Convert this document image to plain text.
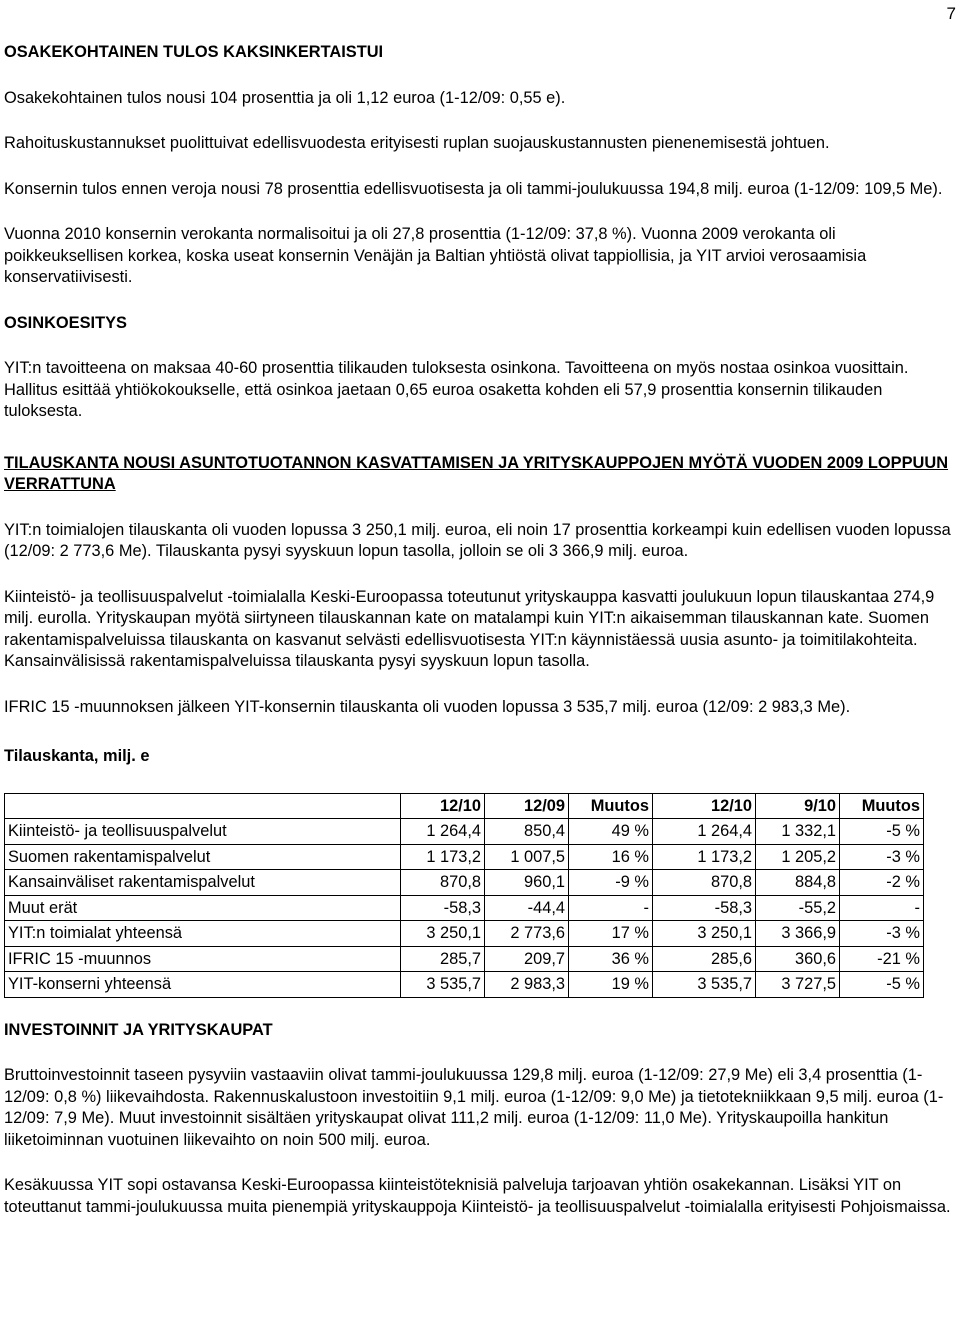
7
OSAKEKOHTAINEN TULOS KAKSINKERTAISTUI

Osakekohtainen tulos nousi 104 prosenttia ja oli 1,12 euroa (1-12/09: 0,55 e).

Rahoituskustannukset puolittuivat edellisvuodesta erityisesti ruplan suojauskustannusten pienenemisestä johtuen.

Konsernin tulos ennen veroja nousi 78 prosenttia edellisvuotisesta ja oli tammi-joulukuussa 194,8 milj. euroa (1-12/09: 109,5 Me).

Vuonna 2010 konsernin verokanta normalisoitui ja oli 27,8 prosenttia (1-12/09: 37,8 %). Vuonna 2009 verokanta oli poikkeuksellisen korkea, koska useat konsernin Venäjän ja Baltian yhtiöstä olivat tappiollisia, ja YIT arvioi verosaamisia konservatiivisesti.

OSINKOESITYS

YIT:n tavoitteena on maksaa 40-60 prosenttia tilikauden tuloksesta osinkona. Tavoitteena on myös nostaa osinkoa vuosittain. Hallitus esittää yhtiökokoukselle, että osinkoa jaetaan 0,65 euroa osaketta kohden eli 57,9 prosenttia konsernin tilikauden tuloksesta.

TILAUSKANTA NOUSI ASUNTOTUOTANNON KASVATTAMISEN JA YRITYSKAUPPOJEN MYÖTÄ VUODEN 2009 LOPPUUN VERRATTUNA

YIT:n toimialojen tilauskanta oli vuoden lopussa 3 250,1 milj. euroa, eli noin 17 prosenttia korkeampi kuin edellisen vuoden lopussa (12/09: 2 773,6 Me). Tilauskanta pysyi syyskuun lopun tasolla, jolloin se oli 3 366,9 milj. euroa.

Kiinteistö- ja teollisuuspalvelut -toimialalla Keski-Euroopassa toteutunut yrityskauppa kasvatti joulukuun lopun tilauskantaa 274,9 milj. eurolla. Yrityskaupan myötä siirtyneen tilauskannan kate on matalampi kuin YIT:n aikaisemman tilauskannan kate. Suomen rakentamispalveluissa tilauskanta on kasvanut selvästi edellisvuotisesta YIT:n käynnistäessä uusia asunto- ja toimitilakohteita. Kansainvälisissä rakentamispalveluissa tilauskanta pysyi syyskuun lopun tasolla.

IFRIC 15 -muunnoksen jälkeen YIT-konsernin tilauskanta oli vuoden lopussa 3 535,7 milj. euroa (12/09: 2 983,3 Me).

Tilauskanta, milj. e
	12/10	12/09	Muutos	12/10	9/10	Muutos
Kiinteistö- ja teollisuuspalvelut	1 264,4	850,4	49 %	1 264,4	1 332,1	-5 %
Suomen rakentamispalvelut	1 173,2	1 007,5	16 %	1 173,2	1 205,2	-3 %
Kansainväliset rakentamispalvelut	870,8	960,1	-9 %	870,8	884,8	-2 %
Muut erät	-58,3	-44,4	-	-58,3	-55,2	-
YIT:n toimialat yhteensä	3 250,1	2 773,6	17 %	3 250,1	3 366,9	-3 %
IFRIC 15 -muunnos	285,7	209,7	36 %	285,6	360,6	-21 %
YIT-konserni yhteensä	3 535,7	2 983,3	19 %	3 535,7	3 727,5	-5 %
INVESTOINNIT JA YRITYSKAUPAT

Bruttoinvestoinnit taseen pysyviin vastaaviin olivat tammi-joulukuussa 129,8 milj. euroa (1-12/09: 27,9 Me) eli 3,4 prosenttia (1-12/09: 0,8 %) liikevaihdosta. Rakennuskalustoon investoitiin 9,1 milj. euroa (1-12/09: 9,0 Me) ja tietotekniikkaan 9,5 milj. euroa (1-12/09: 7,9 Me). Muut investoinnit sisältäen yrityskaupat olivat 111,2 milj. euroa (1-12/09: 11,0 Me). Yrityskaupoilla hankitun liiketoiminnan vuotuinen liikevaihto on noin 500 milj. euroa.

Kesäkuussa YIT sopi ostavansa Keski-Euroopassa kiinteistöteknisiä palveluja tarjoavan yhtiön osakekannan. Lisäksi YIT on toteuttanut tammi-joulukuussa muita pienempiä yrityskauppoja Kiinteistö- ja teollisuuspalvelut -toimialalla erityisesti Pohjoismaissa.
